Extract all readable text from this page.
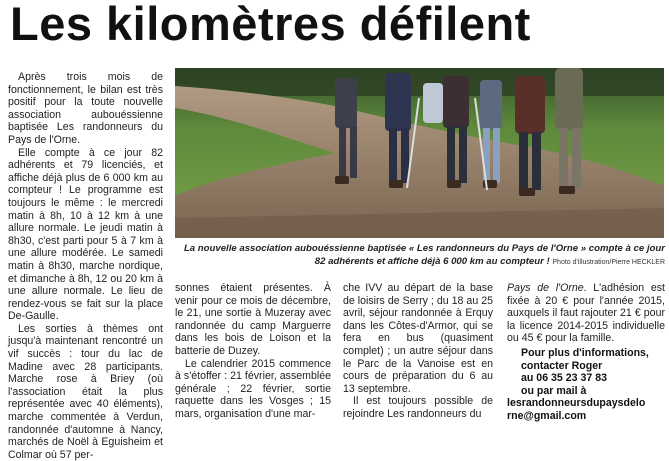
Les kilomètres défilent

Après trois mois de fonctionnement, le bilan est très positif pour la toute nouvelle association aubouéssienne baptisée Les randonneurs du Pays de l'Orne.

Elle compte à ce jour 82 adhérents et 79 licenciés, et affiche déjà plus de 6 000 km au compteur ! Le programme est toujours le même : le mercredi matin à 8h, 10 à 12 km à une allure normale. Le jeudi matin à 8h30, c'est parti pour 5 à 7 km à une allure modérée. Le samedi matin à 8h30, marche nordique, et dimanche à 8h, 12 ou 20 km à une allure normale. Le lieu de rendez-vous se fait sur la place De-Gaulle.

Les sorties à thèmes ont jusqu'à maintenant rencontré un vif succès : tour du lac de Madine avec 28 participants. Marche rose à Briey (où l'association était la plus représentée avec 40 éléments), marche commentée à Verdun, randonnée d'automne à Nancy, marchés de Noël à Eguisheim et Colmar où 57 per-

La nouvelle association aubouéssienne baptisée « Les randonneurs du Pays de l'Orne » compte à ce jour 82 adhérents et affiche déjà 6 000 km au compteur ! Photo d'illustration/Pierre HECKLER

sonnes étaient présentes. À venir pour ce mois de décembre, le 21, une sortie à Muzeray avec randonnée du camp Marguerre dans les bois de Loison et la batterie de Duzey.

Le calendrier 2015 commence à s'étoffer : 21 février, assemblée générale ; 22 février, sortie raquette dans les Vosges ; 15 mars, organisation d'une mar-

che IVV au départ de la base de loisirs de Serry ; du 18 au 25 avril, séjour randonnée à Erquy dans les Côtes-d'Armor, qui se fera en bus (quasiment complet) ; un autre séjour dans le Parc de la Vanoise est en cours de préparation du 6 au 13 septembre.

Il est toujours possible de rejoindre Les randonneurs du

Pays de l'Orne. L'adhésion est fixée à 20 € pour l'année 2015, auxquels il faut rajouter 21 € pour la licence 2014-2015 individuelle ou 45 € pour la famille.

Pour plus d'informations,

contacter Roger

au 06 35 23 37 83

ou par mail à

lesrandonneursdupaysdelo

rne@gmail.com
